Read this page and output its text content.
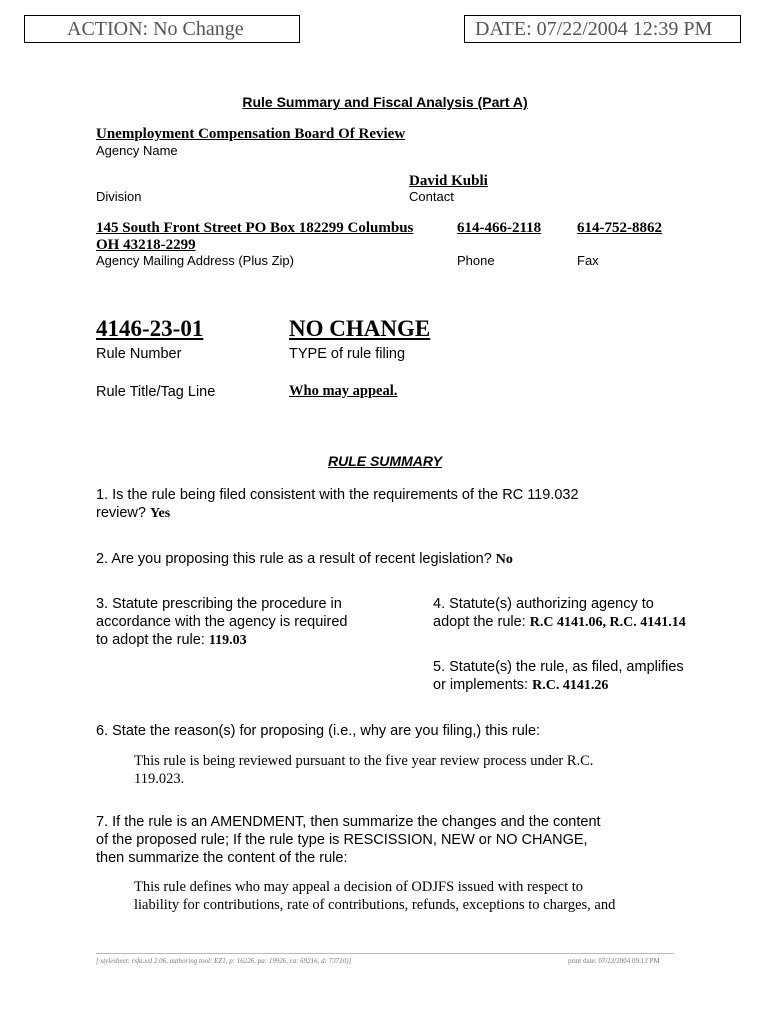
ACTION: No Change	DATE: 07/22/2004 12:39 PM
Rule Summary and Fiscal Analysis (Part A)
Unemployment Compensation Board Of Review
Agency Name
David Kubli
Division	Contact
145 South Front Street PO Box 182299 Columbus
OH 43218-2299
614-466-2118 614-752-8862
Agency Mailing Address (Plus Zip)	Phone	Fax
4146-23-01	NO CHANGE
Rule Number	TYPE of rule filing
Rule Title/Tag Line	Who may appeal.
RULE SUMMARY
1. Is the rule being filed consistent with the requirements of the RC 119.032
review? Yes
2. Are you proposing this rule as a result of recent legislation? No
3. Statute prescribing the procedure in
accordance with the agency is required
to adopt the rule: 119.03
4. Statute(s) authorizing agency to
adopt the rule: R.C 4141.06, R.C. 4141.14
5. Statute(s) the rule, as filed, amplifies
or implements: R.C. 4141.26
6. State the reason(s) for proposing (i.e., why are you filing,) this rule:
This rule is being reviewed pursuant to the five year review process under R.C.
119.023.
7. If the rule is an AMENDMENT, then summarize the changes and the content
of the proposed rule; If the rule type is RESCISSION, NEW or NO CHANGE,
then summarize the content of the rule:
This rule defines who may appeal a decision of ODJFS issued with respect to
liability for contributions, rate of contributions, refunds, exceptions to charges, and
[ stylesheet: rsfa.xsl 2.06, authoring tool: EZ1, p: 16226, pa: 19926, ra: 69216, d: 73710)]	print date: 07/22/2004 09:12 PM
